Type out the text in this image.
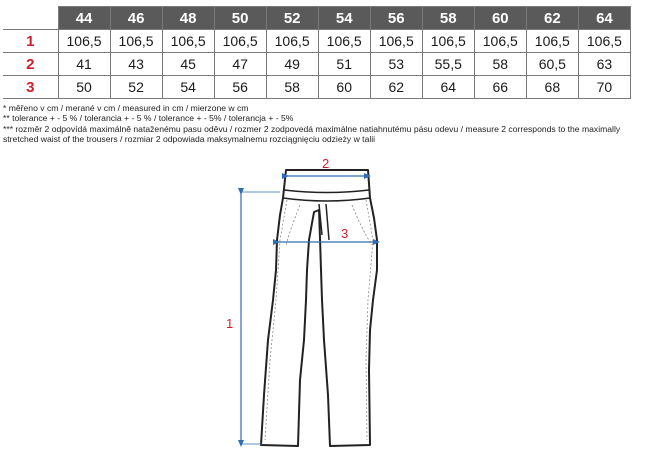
	44	46	48	50	52	54	56	58	60	62	64
1	106,5	106,5	106,5	106,5	106,5	106,5	106,5	106,5	106,5	106,5	106,5
2	41	43	45	47	49	51	53	55,5	58	60,5	63
3	50	52	54	56	58	60	62	64	66	68	70
* měřeno v cm / merané v cm / measured in cm / mierzone w cm
** tolerance + - 5 % / tolerancia + - 5 % / tolerance + - 5% / tolerancja + - 5%
*** rozměr 2 odpovídá maximálně nataženému pasu oděvu / rozmer 2 zodpovedá maximálne natiahnutému pásu odevu / measure 2 corresponds to the maximally stretched waist of the trousers / rozmiar 2 odpowiada maksymalnemu rozciągnięciu odzieży w talii
1
2
3
